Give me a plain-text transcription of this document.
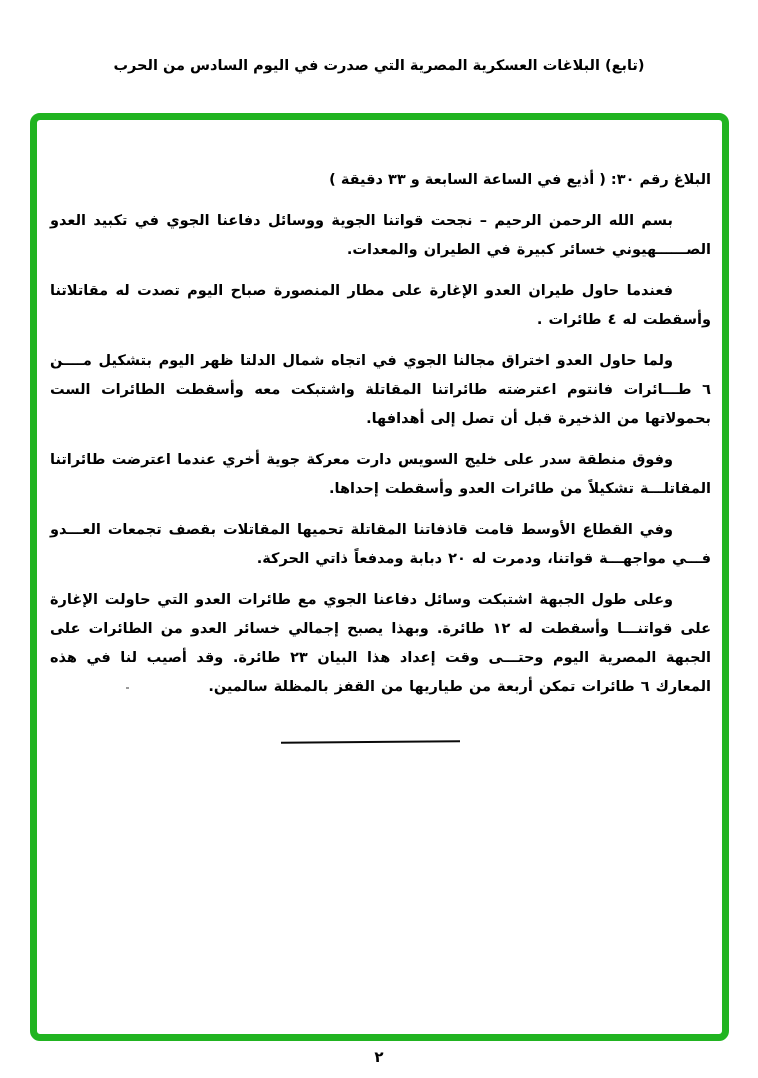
(تابع) البلاغات العسكرية المصرية التي صدرت في اليوم السادس من الحرب

البلاغ رقم ٣٠: ( أذيع في الساعة السابعة و ٣٣ دقيقة )

بسم الله الرحمن الرحيم – نجحت قواتنا الجوية ووسائل دفاعنا الجوي في تكبيد العدو الصــــــهيوني خسائر كبيرة في الطيران والمعدات.

فعندما حاول طيران العدو الإغارة على مطار المنصورة صباح اليوم تصدت له مقاتلاتنا وأسقطت له ٤ طائرات .

ولما حاول العدو اختراق مجالنا الجوي في اتجاه شمال الدلتا ظهر اليوم بتشكيل مــــن ٦ طـــائرات فانتوم اعترضته طائراتنا المقاتلة واشتبكت معه وأسقطت الطائرات الست بحمولاتها من الذخيرة قبل أن تصل إلى أهدافها.

وفوق منطقة سدر على خليج السويس دارت معركة جوية أخري عندما اعترضت طائراتنا المقاتلـــة تشكيلاً من طائرات العدو وأسقطت إحداها.

وفي القطاع الأوسط قامت قاذفاتنا المقاتلة تحميها المقاتلات بقصف تجمعات العـــدو فـــي مواجهـــة قواتنا، ودمرت له ٢٠ دبابة ومدفعاً ذاتي الحركة.

وعلى طول الجبهة اشتبكت وسائل دفاعنا الجوي مع طائرات العدو التي حاولت الإغارة على قواتنـــا وأسقطت له ١٢ طائرة. وبهذا يصبح إجمالي خسائر العدو من الطائرات على الجبهة المصرية اليوم وحتـــى وقت إعداد هذا البيان ٢٣ طائرة. وقد أصيب لنا في هذه المعارك ٦ طائرات تمكن أربعة من طياريها من القفز بالمظلة سالمين.

٢
